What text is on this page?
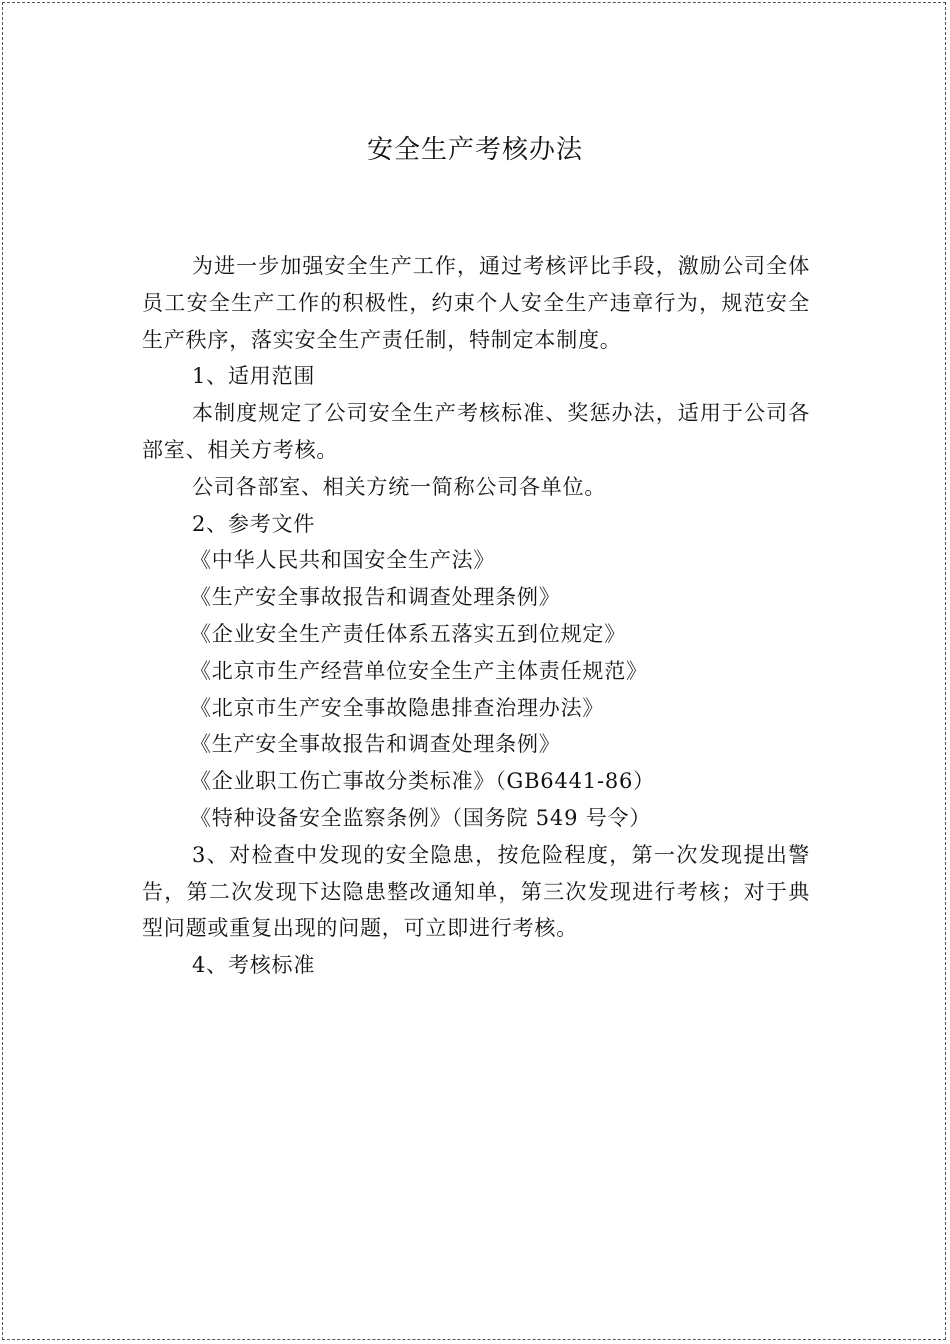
安全生产考核办法

为进一步加强安全生产工作，通过考核评比手段，激励公司全体员工安全生产工作的积极性，约束个人安全生产违章行为，规范安全生产秩序，落实安全生产责任制，特制定本制度。

1、适用范围

本制度规定了公司安全生产考核标准、奖惩办法，适用于公司各部室、相关方考核。

公司各部室、相关方统一简称公司各单位。

2、参考文件

《中华人民共和国安全生产法》

《生产安全事故报告和调查处理条例》

《企业安全生产责任体系五落实五到位规定》

《北京市生产经营单位安全生产主体责任规范》

《北京市生产安全事故隐患排查治理办法》

《生产安全事故报告和调查处理条例》

《企业职工伤亡事故分类标准》（GB6441-86）

《特种设备安全监察条例》（国务院 549 号令）

3、对检查中发现的安全隐患，按危险程度，第一次发现提出警告，第二次发现下达隐患整改通知单，第三次发现进行考核；对于典型问题或重复出现的问题，可立即进行考核。

4、考核标准
